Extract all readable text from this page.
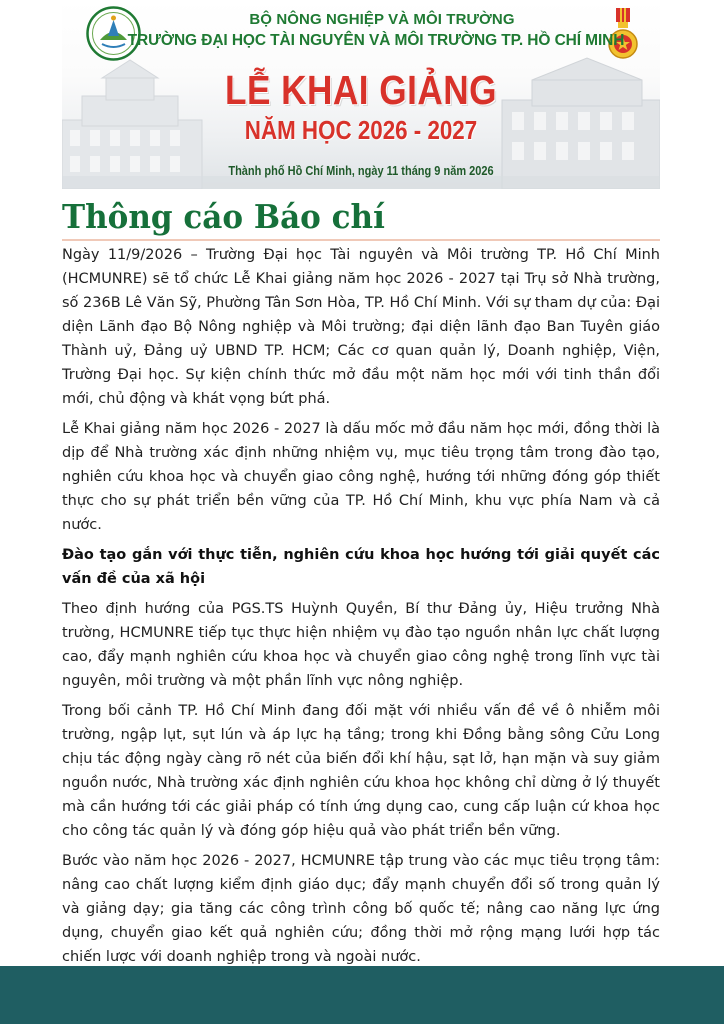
BỘ NÔNG NGHIỆP VÀ MÔI TRƯỜNG
TRƯỜNG ĐẠI HỌC TÀI NGUYÊN VÀ MÔI TRƯỜNG TP. HỒ CHÍ MINH
LỄ KHAI GIẢNG
NĂM HỌC 2026 - 2027
Thành phố Hồ Chí Minh, ngày 11 tháng 9 năm 2026
Thông cáo Báo chí

Ngày 11/9/2026 – Trường Đại học Tài nguyên và Môi trường TP. Hồ Chí Minh (HCMUNRE) sẽ tổ chức Lễ Khai giảng năm học 2026 - 2027 tại Trụ sở Nhà trường, số 236B Lê Văn Sỹ, Phường Tân Sơn Hòa, TP. Hồ Chí Minh. Với sự tham dự của: Đại diện Lãnh đạo Bộ Nông nghiệp và Môi trường; đại diện lãnh đạo Ban Tuyên giáo Thành uỷ, Đảng uỷ UBND TP. HCM; Các cơ quan quản lý, Doanh nghiệp, Viện, Trường Đại học. Sự kiện chính thức mở đầu một năm học mới với tinh thần đổi mới, chủ động và khát vọng bứt phá.

Lễ Khai giảng năm học 2026 - 2027 là dấu mốc mở đầu năm học mới, đồng thời là dịp để Nhà trường xác định những nhiệm vụ, mục tiêu trọng tâm trong đào tạo, nghiên cứu khoa học và chuyển giao công nghệ, hướng tới những đóng góp thiết thực cho sự phát triển bền vững của TP. Hồ Chí Minh, khu vực phía Nam và cả nước.

Đào tạo gắn với thực tiễn, nghiên cứu khoa học hướng tới giải quyết các vấn đề của xã hội

Theo định hướng của PGS.TS Huỳnh Quyền, Bí thư Đảng ủy, Hiệu trưởng Nhà trường, HCMUNRE tiếp tục thực hiện nhiệm vụ đào tạo nguồn nhân lực chất lượng cao, đẩy mạnh nghiên cứu khoa học và chuyển giao công nghệ trong lĩnh vực tài nguyên, môi trường và một phần lĩnh vực nông nghiệp.

Trong bối cảnh TP. Hồ Chí Minh đang đối mặt với nhiều vấn đề về ô nhiễm môi trường, ngập lụt, sụt lún và áp lực hạ tầng; trong khi Đồng bằng sông Cửu Long chịu tác động ngày càng rõ nét của biến đổi khí hậu, sạt lở, hạn mặn và suy giảm nguồn nước, Nhà trường xác định nghiên cứu khoa học không chỉ dừng ở lý thuyết mà cần hướng tới các giải pháp có tính ứng dụng cao, cung cấp luận cứ khoa học cho công tác quản lý và đóng góp hiệu quả vào phát triển bền vững.

Bước vào năm học 2026 - 2027, HCMUNRE tập trung vào các mục tiêu trọng tâm: nâng cao chất lượng kiểm định giáo dục; đẩy mạnh chuyển đổi số trong quản lý và giảng dạy; gia tăng các công trình công bố quốc tế; nâng cao năng lực ứng dụng, chuyển giao kết quả nghiên cứu; đồng thời mở rộng mạng lưới hợp tác chiến lược với doanh nghiệp trong và ngoài nước.
